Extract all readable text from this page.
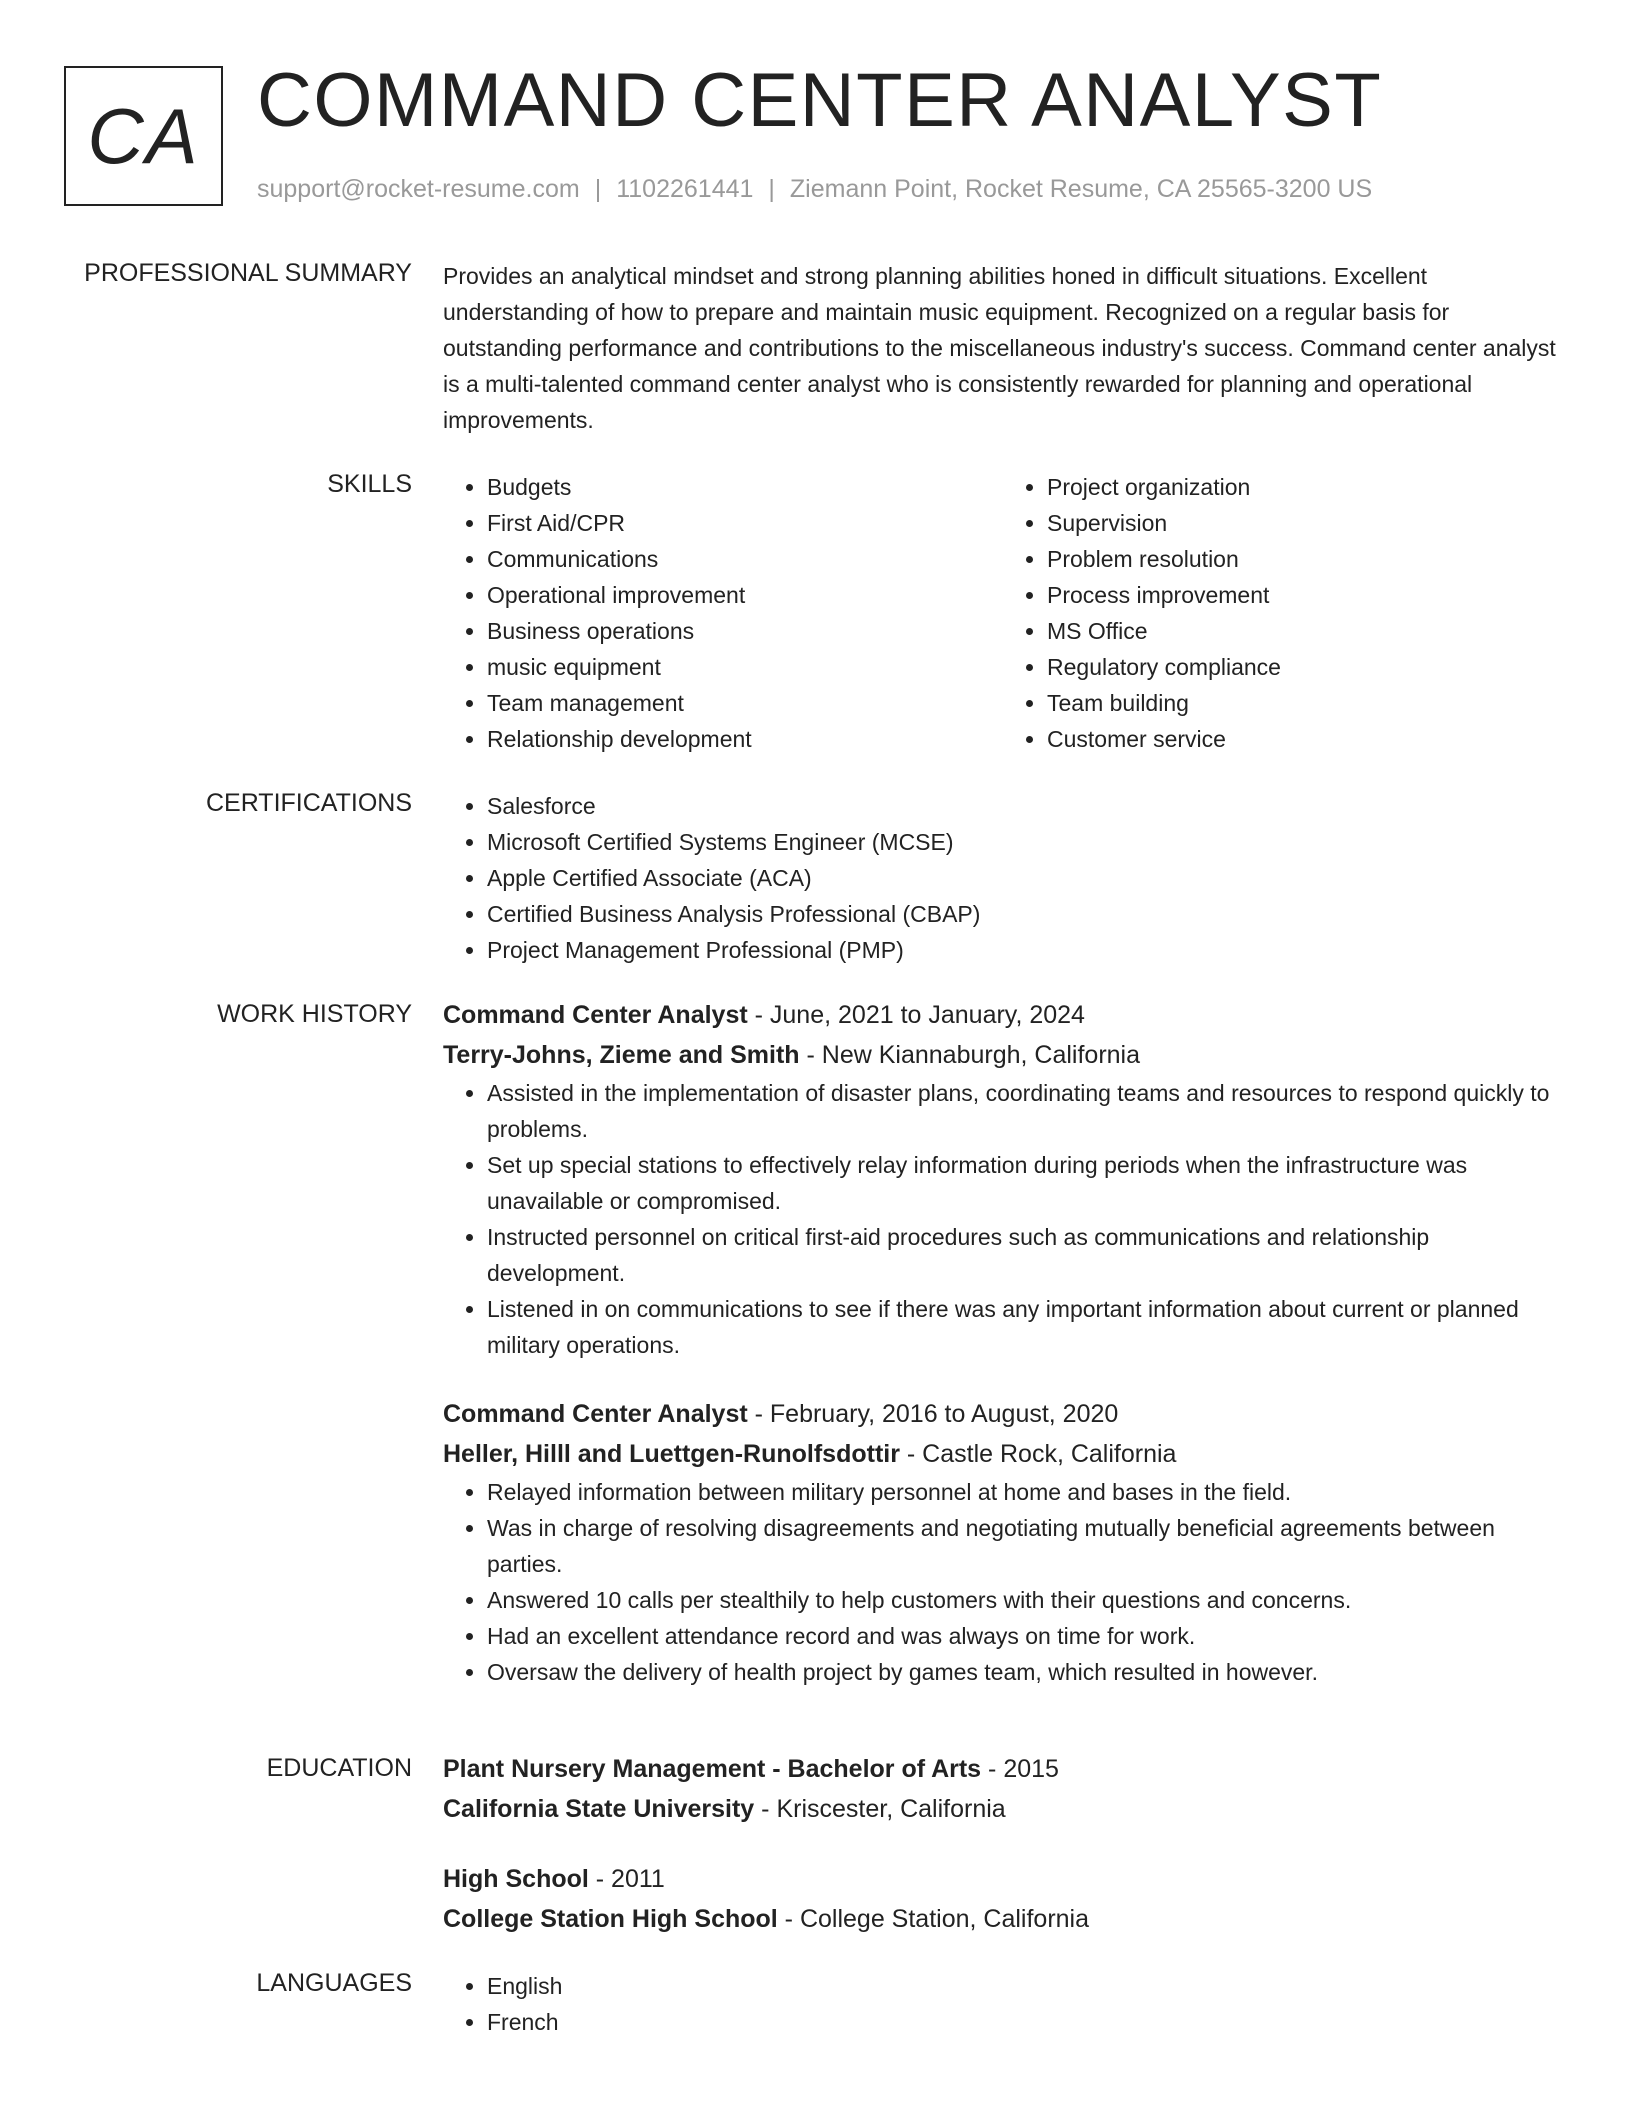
CA COMMAND CENTER ANALYST
support@rocket-resume.com | 1102261441 | Ziemann Point, Rocket Resume, CA 25565-3200 US
PROFESSIONAL SUMMARY Provides an analytical mindset and strong planning abilities honed in difficult situations. Excellent understanding of how to prepare and maintain music equipment. Recognized on a regular basis for outstanding performance and contributions to the miscellaneous industry's success. Command center analyst is a multi-talented command center analyst who is consistently rewarded for planning and operational improvements.
SKILLS	• Budgets
• First Aid/CPR
• Communications
• Operational improvement
• Business operations
• music equipment
• Team management
• Relationship development
• Project organization
• Supervision
• Problem resolution
• Process improvement
• MS Office
• Regulatory compliance
• Team building
• Customer service
CERTIFICATIONS	• Salesforce
• Microsoft Certified Systems Engineer (MCSE)
• Apple Certified Associate (ACA)
• Certified Business Analysis Professional (CBAP)
• Project Management Professional (PMP)
WORK HISTORY Command Center Analyst - June, 2021 to January, 2024
Terry-Johns, Zieme and Smith - New Kiannaburgh, California
• Assisted in the implementation of disaster plans, coordinating teams and resources to respond quickly to problems.
• Set up special stations to effectively relay information during periods when the infrastructure was unavailable or compromised.
• Instructed personnel on critical first-aid procedures such as communications and relationship development.
• Listened in on communications to see if there was any important information about current or planned military operations.
Command Center Analyst - February, 2016 to August, 2020
Heller, Hilll and Luettgen-Runolfsdottir - Castle Rock, California
• Relayed information between military personnel at home and bases in the field.
• Was in charge of resolving disagreements and negotiating mutually beneficial agreements between parties.
• Answered 10 calls per stealthily to help customers with their questions and concerns.
• Had an excellent attendance record and was always on time for work.
• Oversaw the delivery of health project by games team, which resulted in however.
EDUCATION Plant Nursery Management - Bachelor of Arts - 2015
California State University - Kriscester, California
High School - 2011
College Station High School - College Station, California
LANGUAGES	• English
• French
